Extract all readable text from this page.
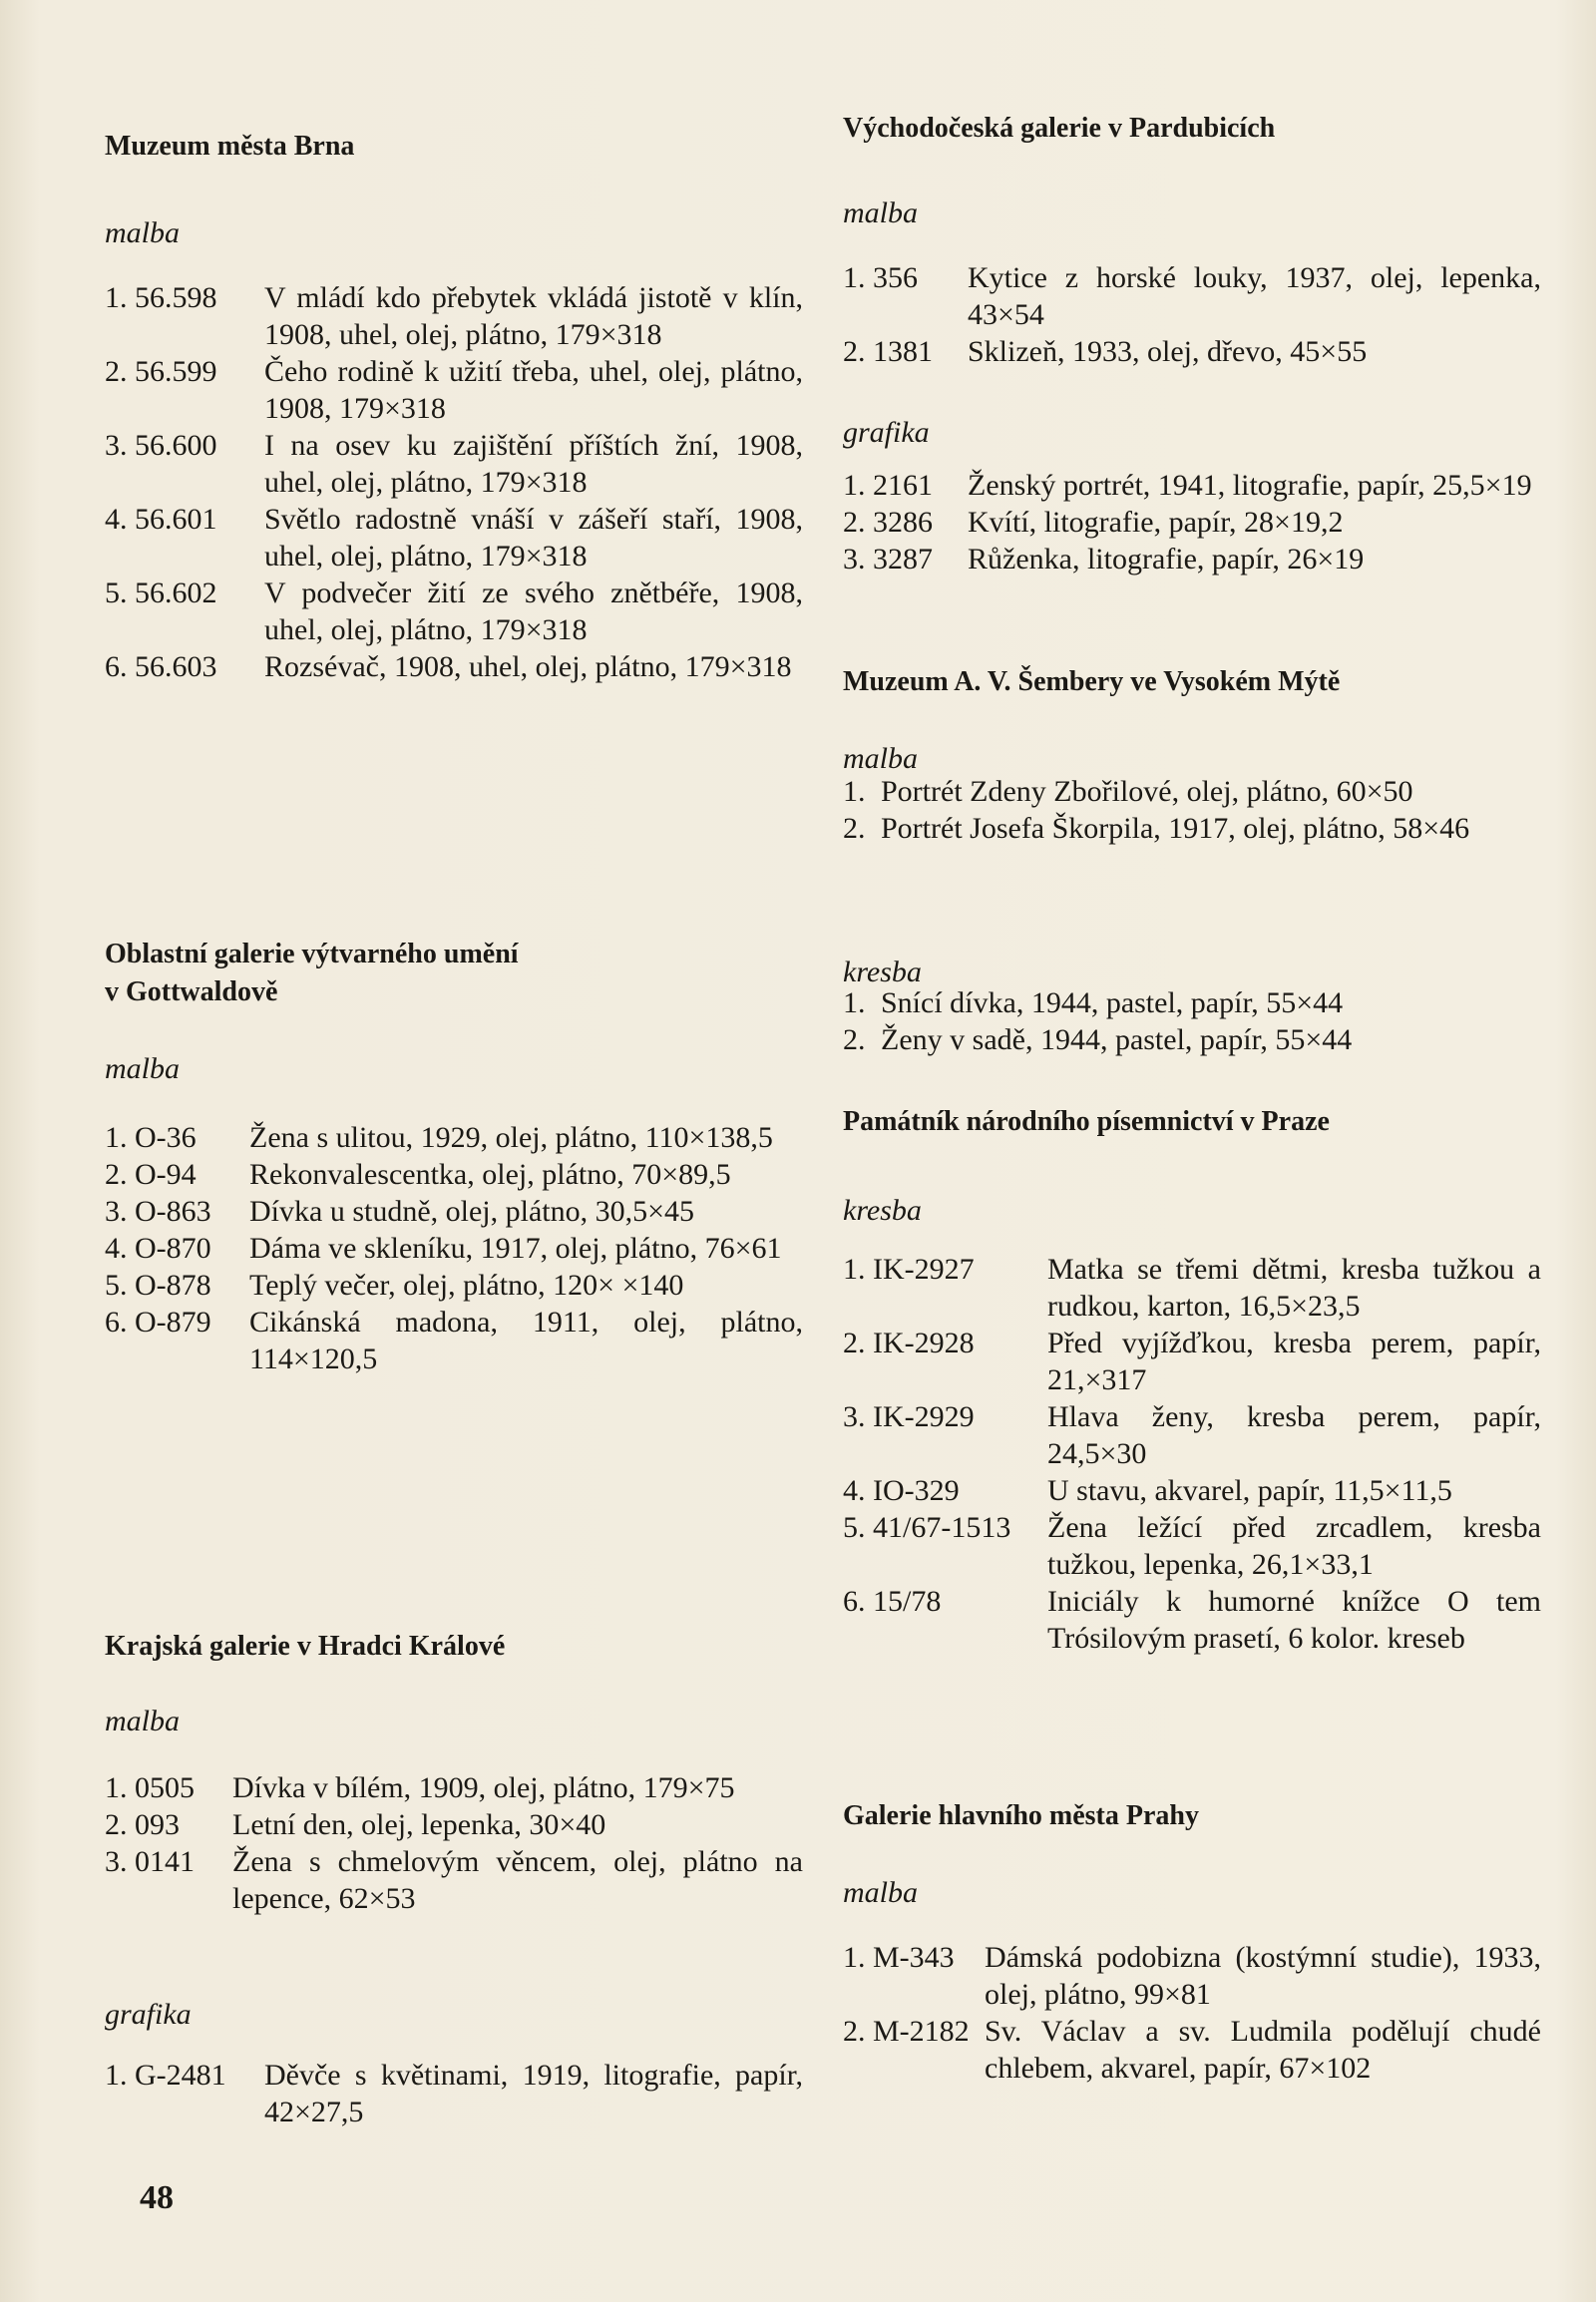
Muzeum města Brna

malba

1. 56.598	V mládí kdo přebytek vkládá jistotě v klín, 1908, uhel, olej, plátno, 179×318
2. 56.599	Čeho rodině k užití třeba, uhel, olej, plátno, 1908, 179×318
3. 56.600	I na osev ku zajištění příštích žní, 1908, uhel, olej, plátno, 179×318
4. 56.601	Světlo radostně vnáší v zášeří staří, 1908, uhel, olej, plátno, 179×318
5. 56.602	V podvečer žití ze svého znětbéře, 1908, uhel, olej, plátno, 179×318
6. 56.603	Rozsévač, 1908, uhel, olej, plátno, 179×318
Oblastní galerie výtvarného umění
v Gottwaldově

malba

1. O-36	Žena s ulitou, 1929, olej, plátno, 110×138,5
2. O-94	Rekonvalescentka, olej, plátno, 70×89,5
3. O-863	Dívka u studně, olej, plátno, 30,5×45
4. O-870	Dáma ve skleníku, 1917, olej, plátno, 76×61
5. O-878	Teplý večer, olej, plátno, 120× ×140
6. O-879	Cikánská madona, 1911, olej, plátno, 114×120,5
Krajská galerie v Hradci Králové

malba

1. 0505	Dívka v bílém, 1909, olej, plátno, 179×75
2. 093	Letní den, olej, lepenka, 30×40
3. 0141	Žena s chmelovým věncem, olej, plátno na lepence, 62×53

grafika

1. G-2481	Děvče s květinami, 1919, litografie, papír, 42×27,5
Východočeská galerie v Pardubicích

malba

1. 356	Kytice z horské louky, 1937, olej, lepenka, 43×54
2. 1381	Sklizeň, 1933, olej, dřevo, 45×55

grafika

1. 2161	Ženský portrét, 1941, litografie, papír, 25,5×19
2. 3286	Kvítí, litografie, papír, 28×19,2
3. 3287	Růženka, litografie, papír, 26×19
Muzeum A. V. Šembery ve Vysokém Mýtě

malba

1. Portrét Zdeny Zbořilové, olej, plátno, 60×50
2. Portrét Josefa Škorpila, 1917, olej, plátno, 58×46

kresba

1. Snící dívka, 1944, pastel, papír, 55×44
2. Ženy v sadě, 1944, pastel, papír, 55×44
Památník národního písemnictví v Praze

kresba

1. IK-2927	Matka se třemi dětmi, kresba tužkou a rudkou, karton, 16,5×23,5
2. IK-2928	Před vyjížďkou, kresba perem, papír, 21,×317
3. IK-2929	Hlava ženy, kresba perem, papír, 24,5×30
4. IO-329	U stavu, akvarel, papír, 11,5×11,5
5. 41/67-1513	Žena ležící před zrcadlem, kresba tužkou, lepenka, 26,1×33,1
6. 15/78	Iniciály k humorné knížce O tem Trósilovým prasetí, 6 kolor. kreseb
Galerie hlavního města Prahy

malba

1. M-343	Dámská podobizna (kostýmní studie), 1933, olej, plátno, 99×81
2. M-2182 Sv. Václav a sv. Ludmila podělují chudé chlebem, akvarel, papír, 67×102
48
